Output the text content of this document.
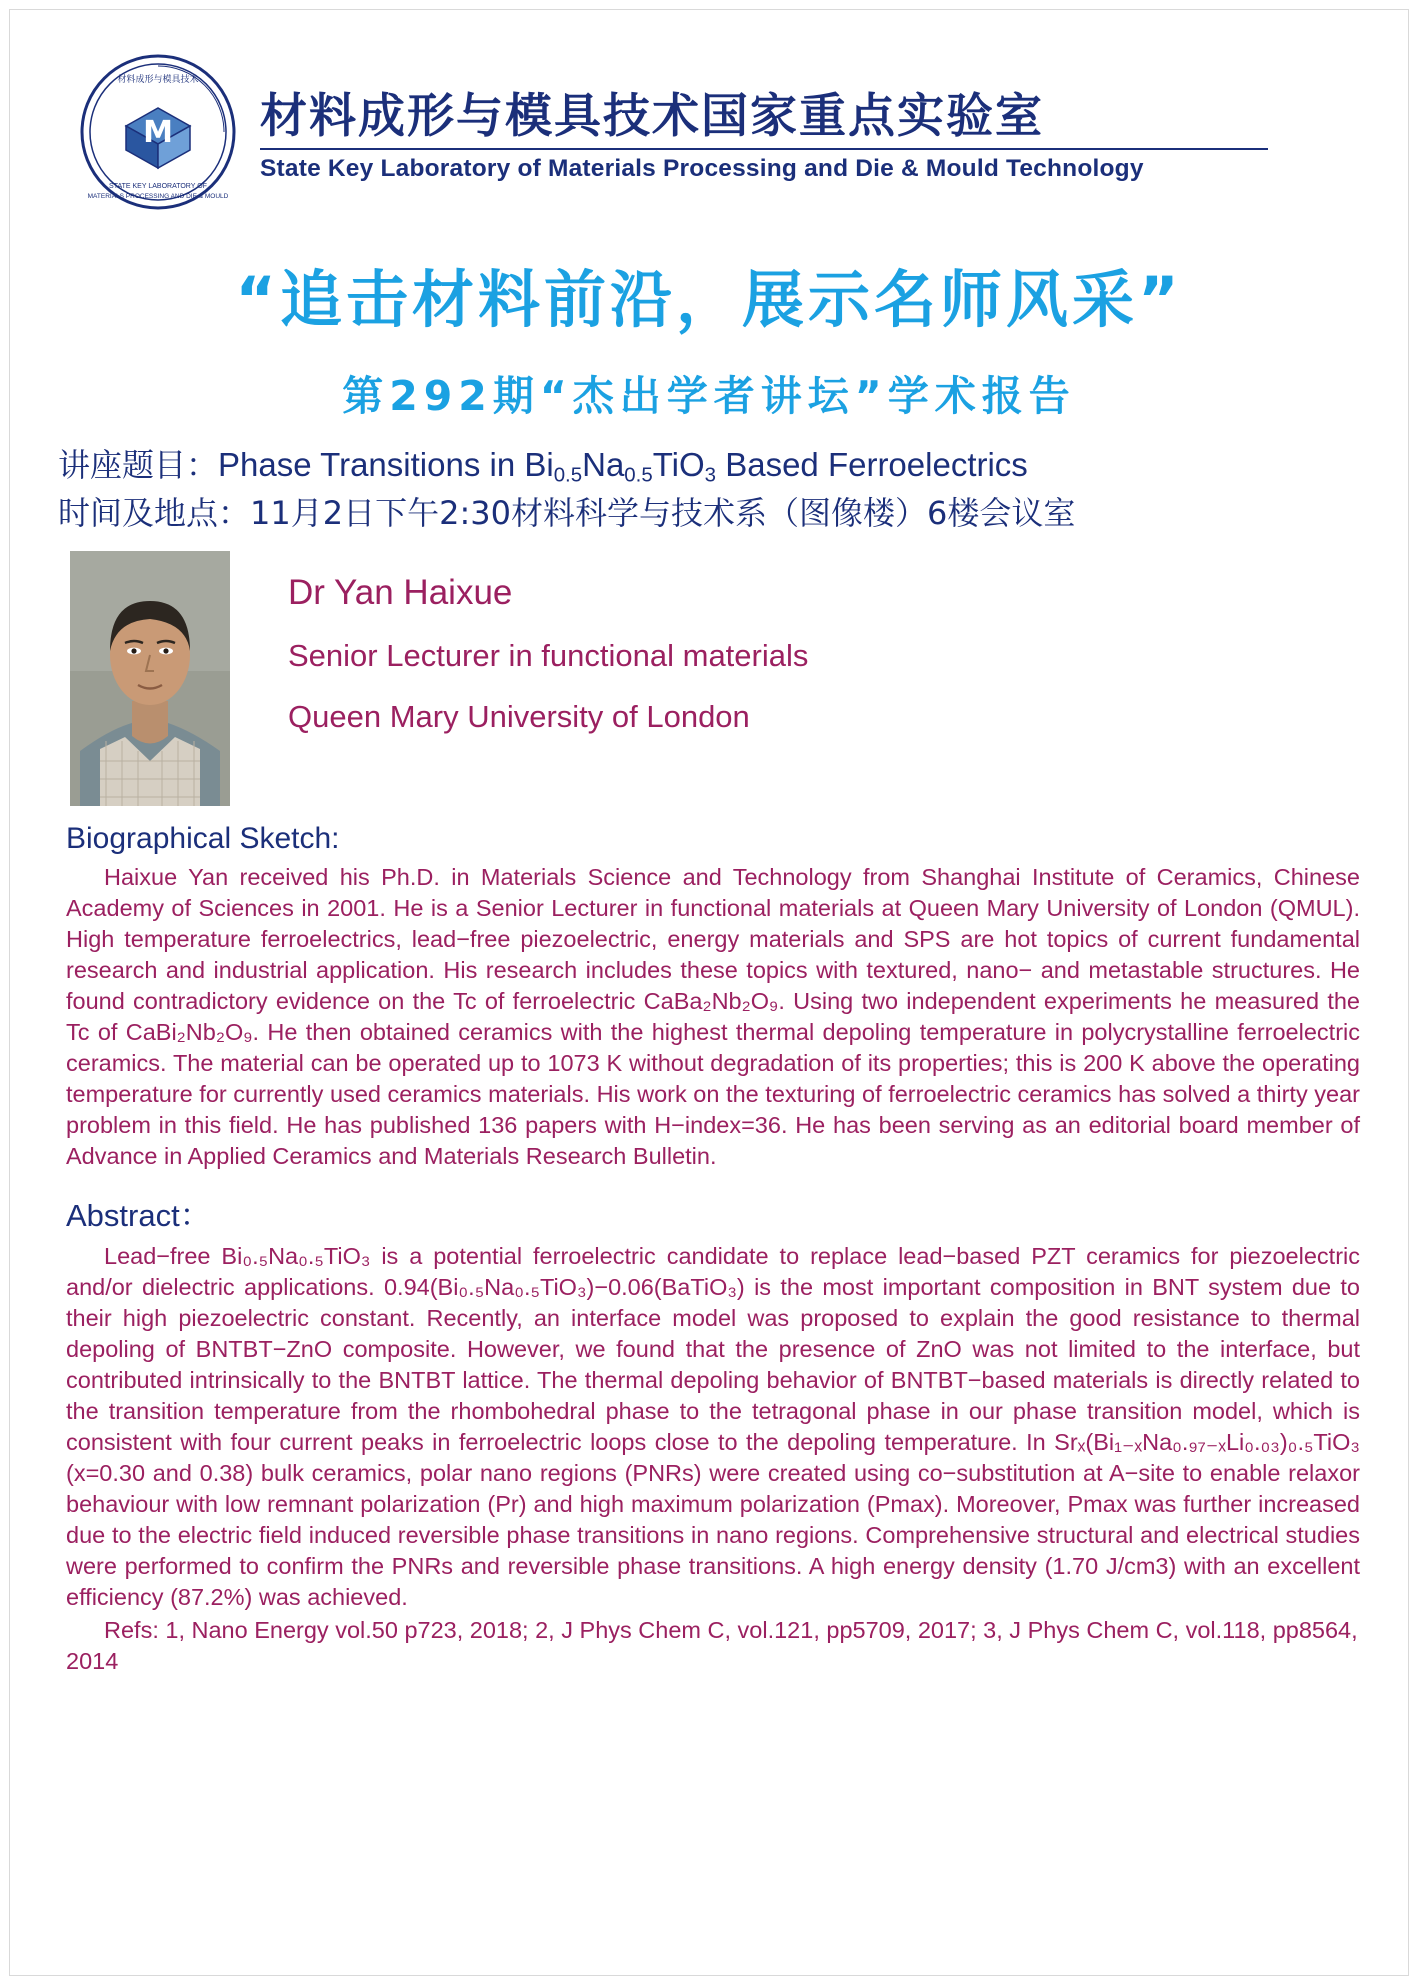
M
材料成形与模具技术
STATE KEY LABORATORY OF
MATERIALS PROCESSING AND DIE & MOULD
材料成形与模具技术国家重点实验室
State Key Laboratory of Materials Processing and Die & Mould Technology
“追击材料前沿，展示名师风采”
第292期“杰出学者讲坛”学术报告
讲座题目：Phase Transitions in $Bi_{0.5}Na_{0.5}TiO_3$ Based Ferroelectrics
时间及地点：11月2日下午2:30材料科学与技术系（图像楼）6楼会议室
Dr Yan Haixue
Senior Lecturer in functional materials
Queen Mary University of London
Biographical Sketch:

Haixue Yan received his Ph.D. in Materials Science and Technology from Shanghai Institute of Ceramics, Chinese Academy of Sciences in 2001. He is a Senior Lecturer in functional materials at Queen Mary University of London (QMUL). High temperature ferroelectrics, lead−free piezoelectric, energy materials and SPS are hot topics of current fundamental research and industrial application. His research includes these topics with textured, nano− and metastable structures. He found contradictory evidence on the Tc of ferroelectric CaBa₂Nb₂O₉. Using two independent experiments he measured the Tc of CaBi₂Nb₂O₉. He then obtained ceramics with the highest thermal depoling temperature in polycrystalline ferroelectric ceramics. The material can be operated up to 1073 K without degradation of its properties; this is 200 K above the operating temperature for currently used ceramics materials. His work on the texturing of ferroelectric ceramics has solved a thirty year problem in this field. He has published 136 papers with H−index=36. He has been serving as an editorial board member of Advance in Applied Ceramics and Materials Research Bulletin.

Abstract：

Lead−free Bi₀.₅Na₀.₅TiO₃ is a potential ferroelectric candidate to replace lead−based PZT ceramics for piezoelectric and/or dielectric applications. 0.94(Bi₀.₅Na₀.₅TiO₃)−0.06(BaTiO₃) is the most important composition in BNT system due to their high piezoelectric constant. Recently, an interface model was proposed to explain the good resistance to thermal depoling of BNTBT−ZnO composite. However, we found that the presence of ZnO was not limited to the interface, but contributed intrinsically to the BNTBT lattice. The thermal depoling behavior of BNTBT−based materials is directly related to the transition temperature from the rhombohedral phase to the tetragonal phase in our phase transition model, which is consistent with four current peaks in ferroelectric loops close to the depoling temperature. In Srₓ(Bi₁₋ₓNa₀.₉₇₋ₓLi₀.₀₃)₀.₅TiO₃ (x=0.30 and 0.38) bulk ceramics, polar nano regions (PNRs) were created using co−substitution at A−site to enable relaxor behaviour with low remnant polarization (Pr) and high maximum polarization (Pmax). Moreover, Pmax was further increased due to the electric field induced reversible phase transitions in nano regions. Comprehensive structural and electrical studies were performed to confirm the PNRs and reversible phase transitions. A high energy density (1.70 J/cm3) with an excellent efficiency (87.2%) was achieved.

Refs: 1, Nano Energy vol.50 p723, 2018; 2, J Phys Chem C, vol.121, pp5709, 2017; 3, J Phys Chem C, vol.118, pp8564, 2014
